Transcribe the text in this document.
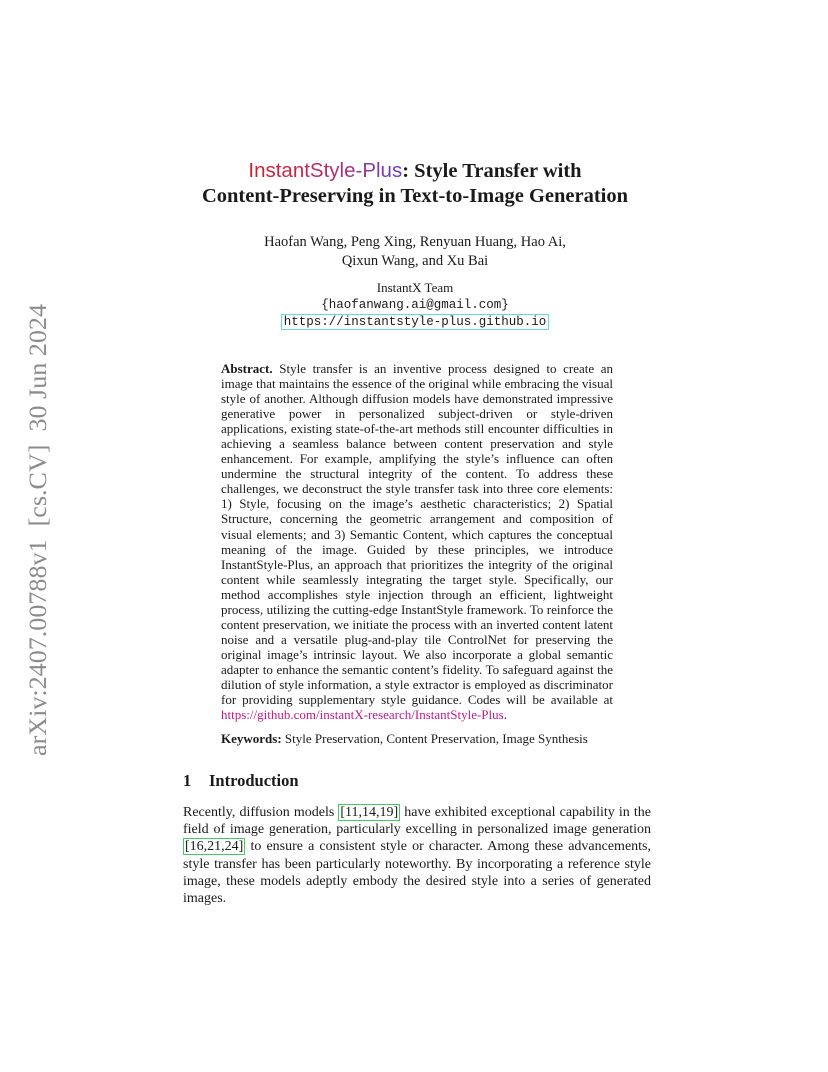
arXiv:2407.00788v1  [cs.CV]  30 Jun 2024

InstantStyle-Plus: Style Transfer with

Content-Preserving in Text-to-Image Generation

Haofan Wang, Peng Xing, Renyuan Huang, Hao Ai,
Qixun Wang, and Xu Bai
InstantX Team
{haofanwang.ai@gmail.com}
https://instantstyle-plus.github.io

Abstract. Style transfer is an inventive process designed to create an image that maintains the essence of the original while embracing the visual style of another. Although diffusion models have demonstrated impressive generative power in personalized subject-driven or style-driven applications, existing state-of-the-art methods still encounter difficulties in achieving a seamless balance between content preservation and style enhancement. For example, amplifying the style’s influence can often undermine the structural integrity of the content. To address these challenges, we deconstruct the style transfer task into three core elements: 1) Style, focusing on the image’s aesthetic characteristics; 2) Spatial Structure, concerning the geometric arrangement and composition of visual elements; and 3) Semantic Content, which captures the conceptual meaning of the image. Guided by these principles, we introduce InstantStyle-Plus, an approach that prioritizes the integrity of the original content while seamlessly integrating the target style. Specifically, our method accomplishes style injection through an efficient, lightweight process, utilizing the cutting-edge InstantStyle framework. To reinforce the content preservation, we initiate the process with an inverted content latent noise and a versatile plug-and-play tile ControlNet for preserving the original image’s intrinsic layout. We also incorporate a global semantic adapter to enhance the semantic content’s fidelity. To safeguard against the dilution of style information, a style extractor is employed as discriminator for providing supplementary style guidance. Codes will be available at https://github.com/instantX-research/InstantStyle-Plus.

Keywords: Style Preservation, Content Preservation, Image Synthesis
1 Introduction

Recently, diffusion models [11,14,19] have exhibited exceptional capability in the field of image generation, particularly excelling in personalized image generation [16,21,24] to ensure a consistent style or character. Among these advancements, style transfer has been particularly noteworthy. By incorporating a reference style image, these models adeptly embody the desired style into a series of generated images.
